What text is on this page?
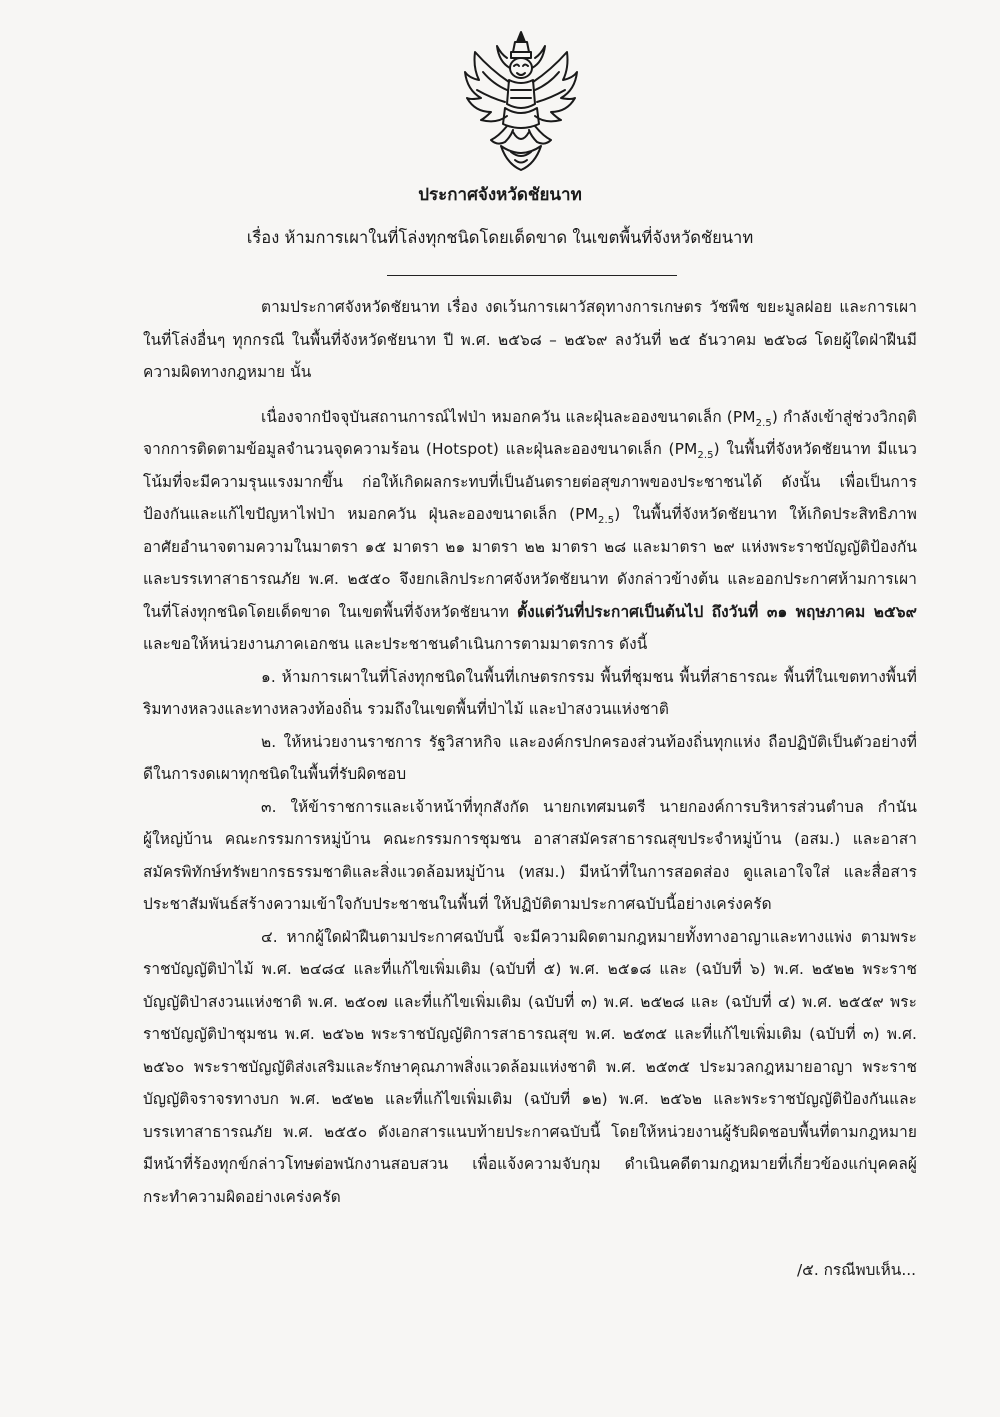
ประกาศจังหวัดชัยนาท
เรื่อง ห้ามการเผาในที่โล่งทุกชนิดโดยเด็ดขาด ในเขตพื้นที่จังหวัดชัยนาท

ตามประกาศจังหวัดชัยนาท เรื่อง งดเว้นการเผาวัสดุทางการเกษตร วัชพืช ขยะมูลฝอย และการเผาในที่โล่งอื่นๆ ทุกกรณี ในพื้นที่จังหวัดชัยนาท ปี พ.ศ. ๒๕๖๘ – ๒๕๖๙ ลงวันที่ ๒๕ ธันวาคม ๒๕๖๘ โดยผู้ใดฝ่าฝืนมีความผิดทางกฎหมาย นั้น

เนื่องจากปัจจุบันสถานการณ์ไฟป่า หมอกควัน และฝุ่นละอองขนาดเล็ก $(PM_{2.5})$ กำลังเข้าสู่ช่วงวิกฤติ จากการติดตามข้อมูลจำนวนจุดความร้อน (Hotspot) และฝุ่นละอองขนาดเล็ก $(PM_{2.5})$ ในพื้นที่จังหวัดชัยนาท มีแนวโน้มที่จะมีความรุนแรงมากขึ้น ก่อให้เกิดผลกระทบที่เป็นอันตรายต่อสุขภาพของประชาชนได้ ดังนั้น เพื่อเป็นการป้องกันและแก้ไขปัญหาไฟป่า หมอกควัน ฝุ่นละอองขนาดเล็ก $(PM_{2.5})$ ในพื้นที่จังหวัดชัยนาท ให้เกิดประสิทธิภาพ อาศัยอำนาจตามความในมาตรา ๑๕ มาตรา ๒๑ มาตรา ๒๒ มาตรา ๒๘ และมาตรา ๒๙ แห่งพระราชบัญญัติป้องกันและบรรเทาสาธารณภัย พ.ศ. ๒๕๕๐ จึงยกเลิกประกาศจังหวัดชัยนาท ดังกล่าวข้างต้น และออกประกาศห้ามการเผาในที่โล่งทุกชนิดโดยเด็ดขาด ในเขตพื้นที่จังหวัดชัยนาท ตั้งแต่วันที่ประกาศเป็นต้นไป ถึงวันที่ ๓๑ พฤษภาคม ๒๕๖๙ และขอให้หน่วยงานภาคเอกชน และประชาชนดำเนินการตามมาตรการ ดังนี้

๑. ห้ามการเผาในที่โล่งทุกชนิดในพื้นที่เกษตรกรรม พื้นที่ชุมชน พื้นที่สาธารณะ พื้นที่ในเขตทางพื้นที่ริมทางหลวงและทางหลวงท้องถิ่น รวมถึงในเขตพื้นที่ป่าไม้ และป่าสงวนแห่งชาติ

๒. ให้หน่วยงานราชการ รัฐวิสาหกิจ และองค์กรปกครองส่วนท้องถิ่นทุกแห่ง ถือปฏิบัติเป็นตัวอย่างที่ดีในการงดเผาทุกชนิดในพื้นที่รับผิดชอบ

๓. ให้ข้าราชการและเจ้าหน้าที่ทุกสังกัด นายกเทศมนตรี นายกองค์การบริหารส่วนตำบล กำนัน ผู้ใหญ่บ้าน คณะกรรมการหมู่บ้าน คณะกรรมการชุมชน อาสาสมัครสาธารณสุขประจำหมู่บ้าน (อสม.) และอาสาสมัครพิทักษ์ทรัพยากรธรรมชาติและสิ่งแวดล้อมหมู่บ้าน (ทสม.) มีหน้าที่ในการสอดส่อง ดูแลเอาใจใส่ และสื่อสารประชาสัมพันธ์สร้างความเข้าใจกับประชาชนในพื้นที่ ให้ปฏิบัติตามประกาศฉบับนี้อย่างเคร่งครัด

๔. หากผู้ใดฝ่าฝืนตามประกาศฉบับนี้ จะมีความผิดตามกฎหมายทั้งทางอาญาและทางแพ่ง ตามพระราชบัญญัติป่าไม้ พ.ศ. ๒๔๘๔ และที่แก้ไขเพิ่มเติม (ฉบับที่ ๕) พ.ศ. ๒๕๑๘ และ (ฉบับที่ ๖) พ.ศ. ๒๕๒๒ พระราชบัญญัติป่าสงวนแห่งชาติ พ.ศ. ๒๕๐๗ และที่แก้ไขเพิ่มเติม (ฉบับที่ ๓) พ.ศ. ๒๕๒๘ และ (ฉบับที่ ๔) พ.ศ. ๒๕๕๙ พระราชบัญญัติป่าชุมชน พ.ศ. ๒๕๖๒ พระราชบัญญัติการสาธารณสุข พ.ศ. ๒๕๓๕ และที่แก้ไขเพิ่มเติม (ฉบับที่ ๓) พ.ศ. ๒๕๖๐ พระราชบัญญัติส่งเสริมและรักษาคุณภาพสิ่งแวดล้อมแห่งชาติ พ.ศ. ๒๕๓๕ ประมวลกฎหมายอาญา พระราชบัญญัติจราจรทางบก พ.ศ. ๒๕๒๒ และที่แก้ไขเพิ่มเติม (ฉบับที่ ๑๒) พ.ศ. ๒๕๖๒ และพระราชบัญญัติป้องกันและบรรเทาสาธารณภัย พ.ศ. ๒๕๕๐ ดังเอกสารแนบท้ายประกาศฉบับนี้ โดยให้หน่วยงานผู้รับผิดชอบพื้นที่ตามกฎหมาย มีหน้าที่ร้องทุกข์กล่าวโทษต่อพนักงานสอบสวน เพื่อแจ้งความจับกุม ดำเนินคดีตามกฎหมายที่เกี่ยวข้องแก่บุคคลผู้กระทำความผิดอย่างเคร่งครัด

/๕. กรณีพบเห็น...
